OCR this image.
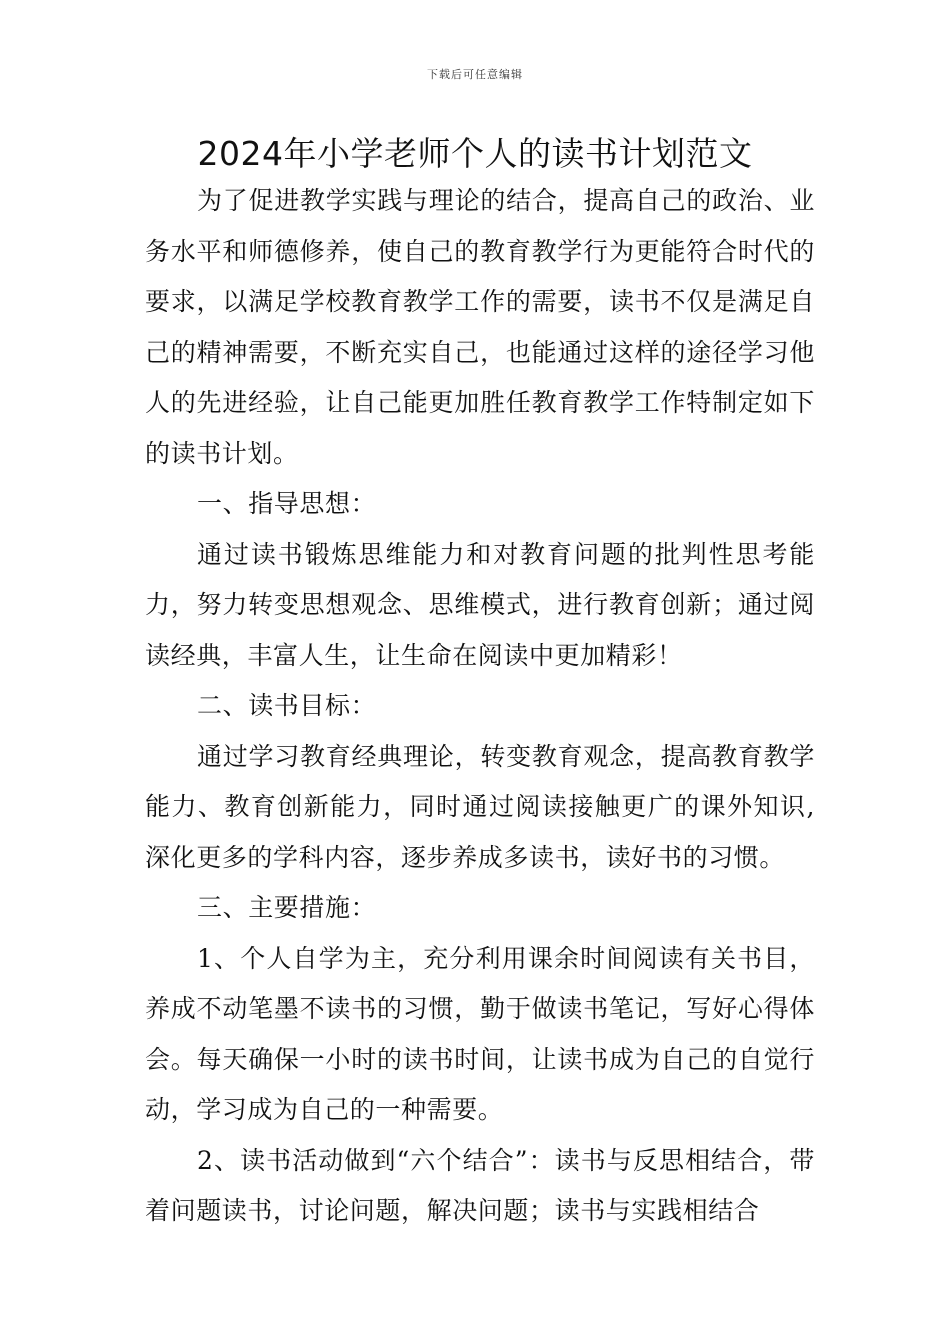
下载后可任意编辑
2024年小学老师个人的读书计划范文

为了促进教学实践与理论的结合，提高自己的政治、业务水平和师德修养，使自己的教育教学行为更能符合时代的要求，以满足学校教育教学工作的需要，读书不仅是满足自己的精神需要，不断充实自己，也能通过这样的途径学习他人的先进经验，让自己能更加胜任教育教学工作特制定如下的读书计划。

一、指导思想：

通过读书锻炼思维能力和对教育问题的批判性思考能力，努力转变思想观念、思维模式，进行教育创新；通过阅读经典，丰富人生，让生命在阅读中更加精彩！

二、读书目标：

通过学习教育经典理论，转变教育观念，提高教育教学能力、教育创新能力，同时通过阅读接触更广的课外知识,深化更多的学科内容，逐步养成多读书，读好书的习惯。

三、主要措施：

1、个人自学为主，充分利用课余时间阅读有关书目，养成不动笔墨不读书的习惯，勤于做读书笔记，写好心得体会。每天确保一小时的读书时间，让读书成为自己的自觉行动，学习成为自己的一种需要。

2、读书活动做到“六个结合”：读书与反思相结合，带着问题读书，讨论问题，解决问题；读书与实践相结合
